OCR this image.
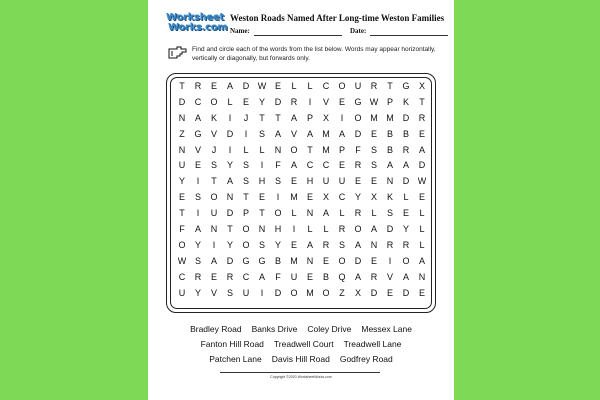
Worksheet
Works.com
Weston Roads Named After Long-time Weston Families
Name:	Date:
Find and circle each of the words from the list below. Words may appear horizontally, vertically or diagonally, but forwards only.
T	R	E	A	D W E	L	L	C	O	U	R	T	G	X
D	C	O	L	E	Y	D	R	I	V	E	G W P	K	T
N	A	K	I	J	T	T	A	P	X	I	O M M	D	R
Z	G	V	D	I	S	A	V	A	M	A	D	E	B	B	E
N	V	J	I	L	L	N	O	T	M	P	F	S	B	R	A
U	E	S	Y	S	I	F	A	C	C	E	R	S	A	A	D
Y	I	T	A	S	H	S	E	H	U	U	E	E	N	D W
E	S	O	N	T	E	I	M	E	X	C	Y	X	K	L	E
T	I	U	D	P	T	O	L	N	A	L	R	L	S	E	L
F	A	N	T	O	N	H	I	L	L	R	O	A	D	Y	L
O	Y	I	Y	O	S	Y	E	A	R	S	A	N	R	R	L
W S	A	D	G G	B	M	N	E	O	D	E	I	O	A
C	R	E	R	C	A	F	U	E	B	Q	A	R	V	A	N
U	Y	V	S	U	I	D	O M O	Z	X	D	E	D	E
Bradley Road Banks Drive Coley Drive Messex Lane
Fanton Hill Road Treadwell Court Treadwell Lane
Patchen Lane Davis Hill Road Godfrey Road
Copyright ©2020 WorksheetWorks.com
